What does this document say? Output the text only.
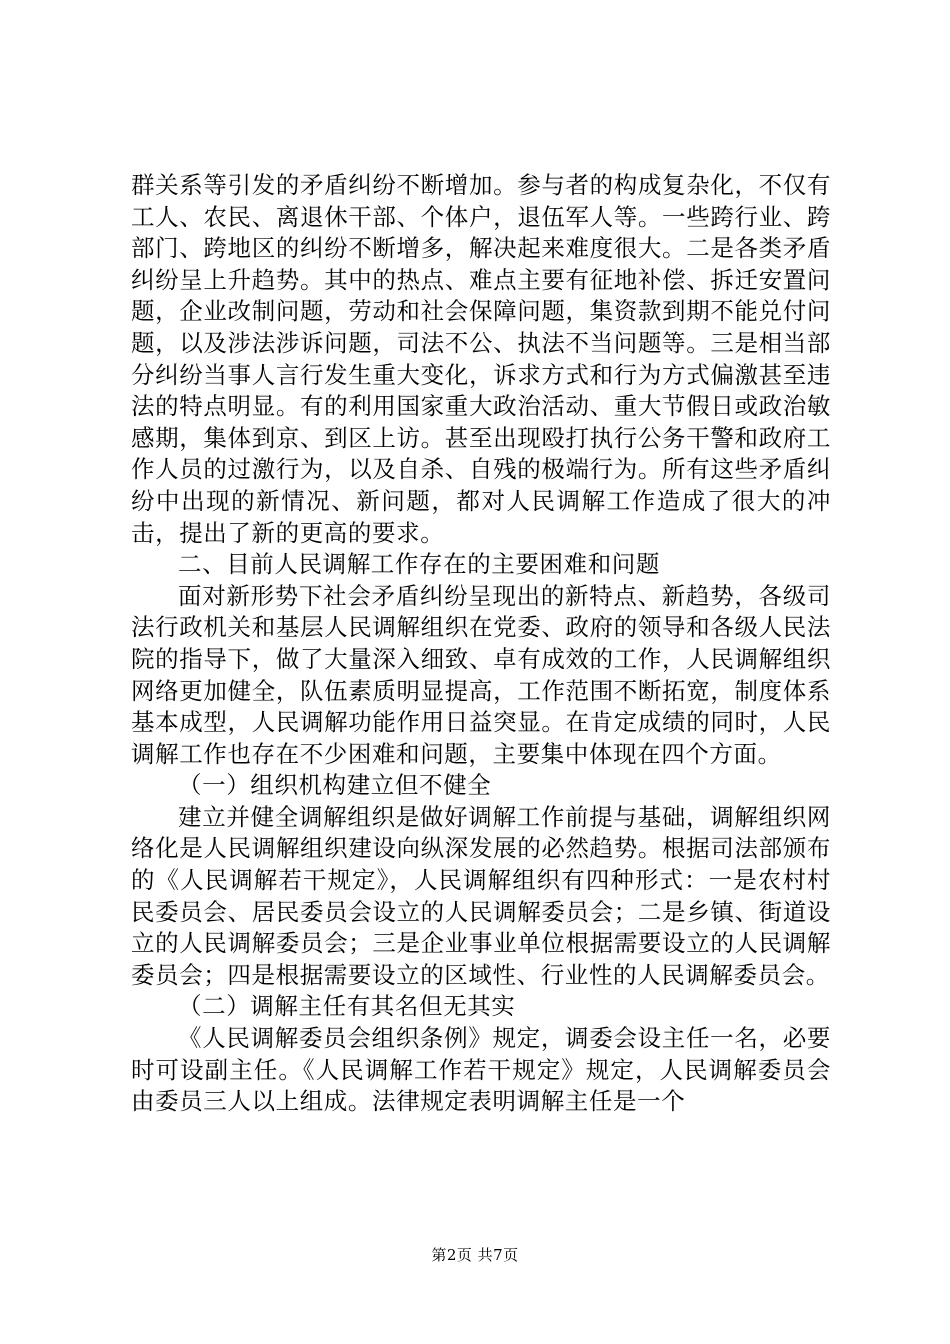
群关系等引发的矛盾纠纷不断增加。参与者的构成复杂化，不仅有工人、农民、离退休干部、个体户，退伍军人等。一些跨行业、跨部门、跨地区的纠纷不断增多，解决起来难度很大。二是各类矛盾纠纷呈上升趋势。其中的热点、难点主要有征地补偿、拆迁安置问题，企业改制问题，劳动和社会保障问题，集资款到期不能兑付问题，以及涉法涉诉问题，司法不公、执法不当问题等。三是相当部分纠纷当事人言行发生重大变化，诉求方式和行为方式偏激甚至违法的特点明显。有的利用国家重大政治活动、重大节假日或政治敏感期，集体到京、到区上访。甚至出现殴打执行公务干警和政府工作人员的过激行为，以及自杀、自残的极端行为。所有这些矛盾纠纷中出现的新情况、新问题，都对人民调解工作造成了很大的冲击，提出了新的更高的要求。

二、目前人民调解工作存在的主要困难和问题

面对新形势下社会矛盾纠纷呈现出的新特点、新趋势，各级司法行政机关和基层人民调解组织在党委、政府的领导和各级人民法院的指导下，做了大量深入细致、卓有成效的工作，人民调解组织网络更加健全，队伍素质明显提高，工作范围不断拓宽，制度体系基本成型，人民调解功能作用日益突显。在肯定成绩的同时，人民调解工作也存在不少困难和问题，主要集中体现在四个方面。

（一）组织机构建立但不健全

建立并健全调解组织是做好调解工作前提与基础，调解组织网络化是人民调解组织建设向纵深发展的必然趋势。根据司法部颁布的《人民调解若干规定》，人民调解组织有四种形式：一是农村村民委员会、居民委员会设立的人民调解委员会；二是乡镇、街道设立的人民调解委员会；三是企业事业单位根据需要设立的人民调解委员会；四是根据需要设立的区域性、行业性的人民调解委员会。

（二）调解主任有其名但无其实

《人民调解委员会组织条例》规定，调委会设主任一名，必要时可设副主任。《人民调解工作若干规定》规定，人民调解委员会由委员三人以上组成。法律规定表明调解主任是一个

第2页 共7页
